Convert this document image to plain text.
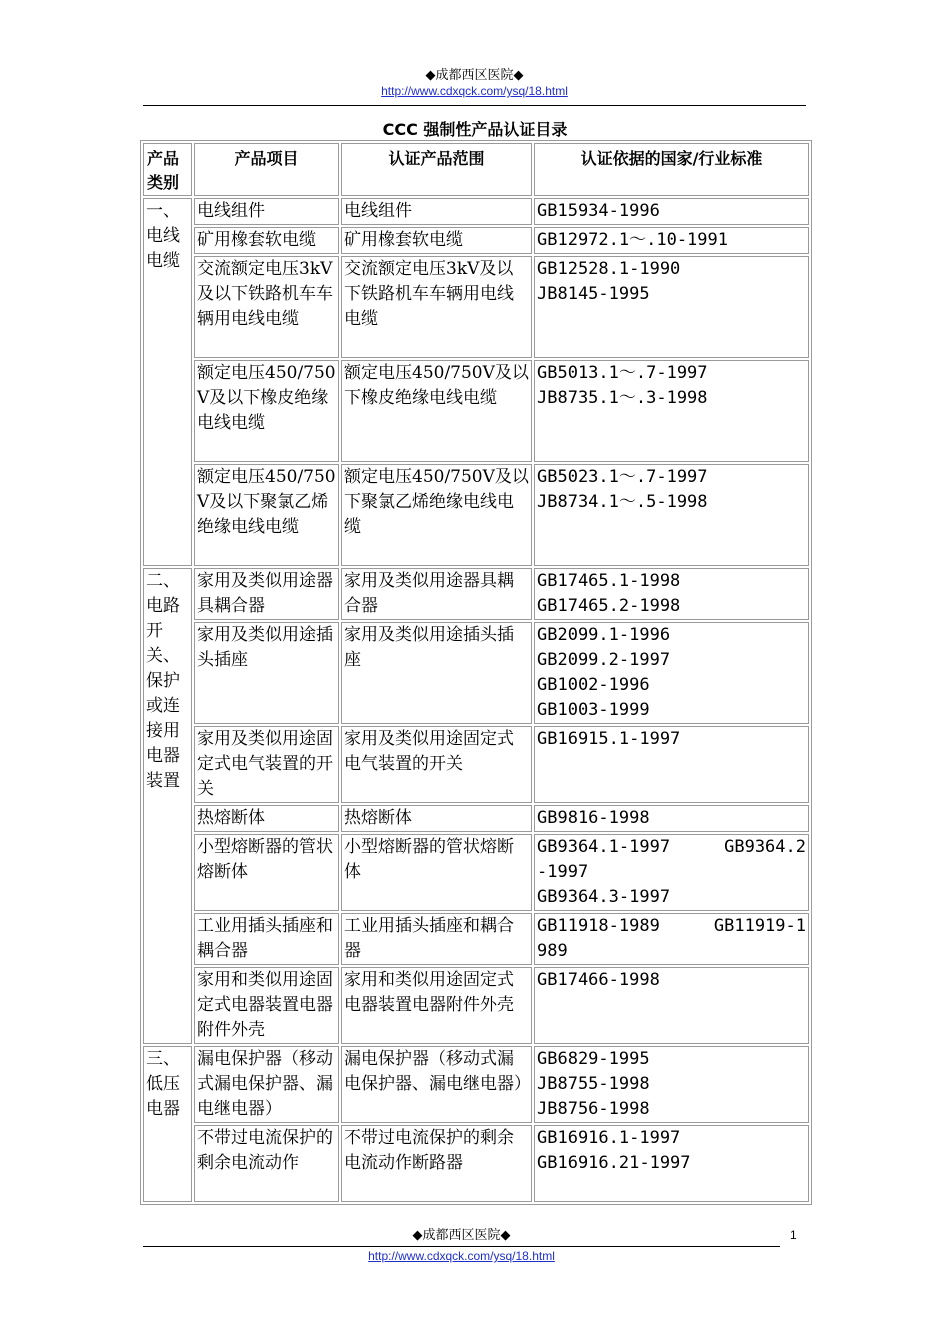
◆成都西区医院◆
http://www.cdxqck.com/ysq/18.html
CCC 强制性产品认证目录
产品类别	产品项目	认证产品范围	认证依据的国家/行业标准
一、电线电缆	电线组件	电线组件	GB15934-1996

	矿用橡套软电缆	矿用橡套软电缆	GB12972.1～.10-1991

	交流额定电压3kV及以下铁路机车车辆用电线电缆	交流额定电压3kV及以下铁路机车车辆用电线电缆	GB12528.1-1990
JB8145-1995

	额定电压450/750V及以下橡皮绝缘电线电缆	额定电压450/750V及以下橡皮绝缘电线电缆	GB5013.1～.7-1997
JB8735.1～.3-1998

	额定电压450/750V及以下聚氯乙烯绝缘电线电缆	额定电压450/750V及以下聚氯乙烯绝缘电线电缆	GB5023.1～.7-1997
JB8734.1～.5-1998

二、电路开关、保护或连接用电器装置	家用及类似用途器具耦合器	家用及类似用途器具耦合器	GB17465.1-1998
GB17465.2-1998

	家用及类似用途插头插座	家用及类似用途插头插座	GB2099.1-1996
GB2099.2-1997
GB1002-1996
GB1003-1999

	家用及类似用途固定式电气装置的开关	家用及类似用途固定式电气装置的开关	GB16915.1-1997

	热熔断体	热熔断体	GB9816-1998

	小型熔断器的管状熔断体	小型熔断器的管状熔断体	GB9364.1-1997 GB9364.2
-1997
GB9364.3-1997

	工业用插头插座和耦合器	工业用插头插座和耦合器	GB11918-1989 GB11919-1
989

	家用和类似用途固定式电器装置电器附件外壳	家用和类似用途固定式电器装置电器附件外壳	GB17466-1998

三、低压电器	漏电保护器（移动式漏电保护器、漏电继电器）	漏电保护器（移动式漏电保护器、漏电继电器）	GB6829-1995
JB8755-1998
JB8756-1998

	不带过电流保护的剩余电流动作	不带过电流保护的剩余电流动作断路器	GB16916.1-1997
GB16916.21-1997
◆成都西区医院◆
http://www.cdxqck.com/ysq/18.html
1
